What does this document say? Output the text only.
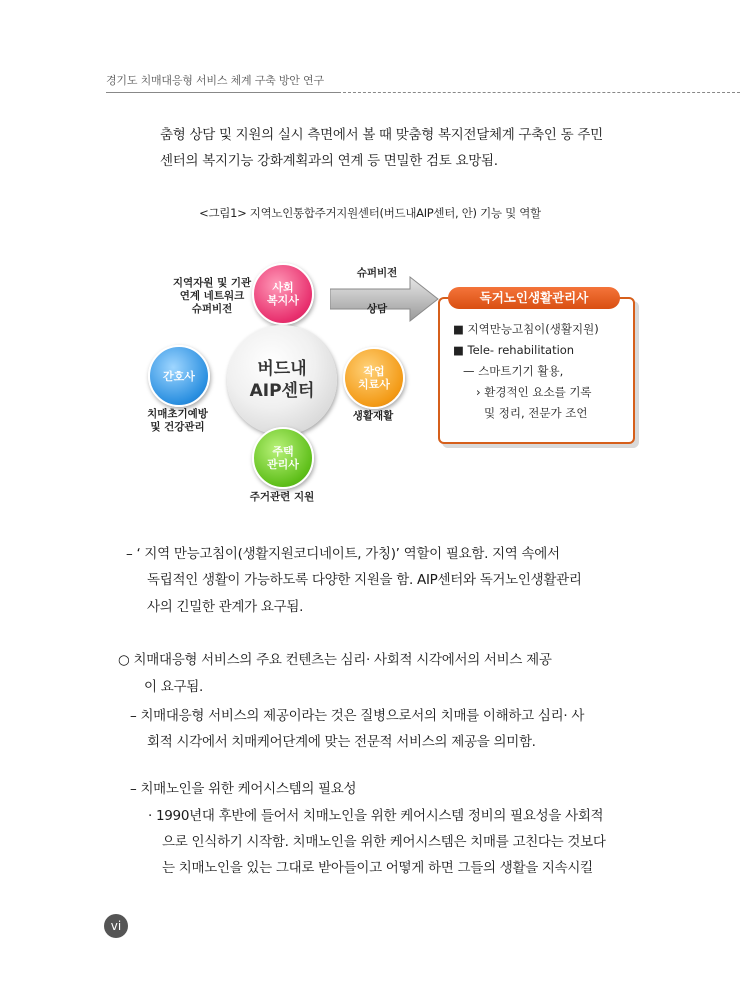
경기도 치매대응형 서비스 체계 구축 방안 연구
춤형 상담 및 지원의 실시 측면에서 볼 때 맞춤형 복지전달체계 구축인 동 주민
센터의 복지기능 강화계획과의 연계 등 면밀한 검토 요망됨.
<그림1> 지역노인통합주거지원센터(버드내AIP센터, 안) 기능 및 역할
지역자원 및 기관
연계 네트워크
슈퍼비전
사회
복지사
버드내
AIP센터
간호사
치매초기예방
및 건강관리
작업
치료사
생활재활
주택
관리사
주거관련 지원
슈퍼비전
상담
독거노인생활관리사
■ 지역만능고침이(생활지원)
■ Tele- rehabilitation
— 스마트기기 활용,
› 환경적인 요소를 기록
및 정리, 전문가 조언
– ‘ 지역 만능고침이(생활지원코디네이트, 가칭)’ 역할이 필요함. 지역 속에서
독립적인 생활이 가능하도록 다양한 지원을 함. AIP센터와 독거노인생활관리
사의 긴밀한 관계가 요구됨.
○ 치매대응형 서비스의 주요 컨텐츠는 심리· 사회적 시각에서의 서비스 제공
이 요구됨.
– 치매대응형 서비스의 제공이라는 것은 질병으로서의 치매를 이해하고 심리· 사
회적 시각에서 치매케어단계에 맞는 전문적 서비스의 제공을 의미함.
– 치매노인을 위한 케어시스템의 필요성
· 1990년대 후반에 들어서 치매노인을 위한 케어시스템 정비의 필요성을 사회적
으로 인식하기 시작함. 치매노인을 위한 케어시스템은 치매를 고친다는 것보다
는 치매노인을 있는 그대로 받아들이고 어떻게 하면 그들의 생활을 지속시킬
vi
